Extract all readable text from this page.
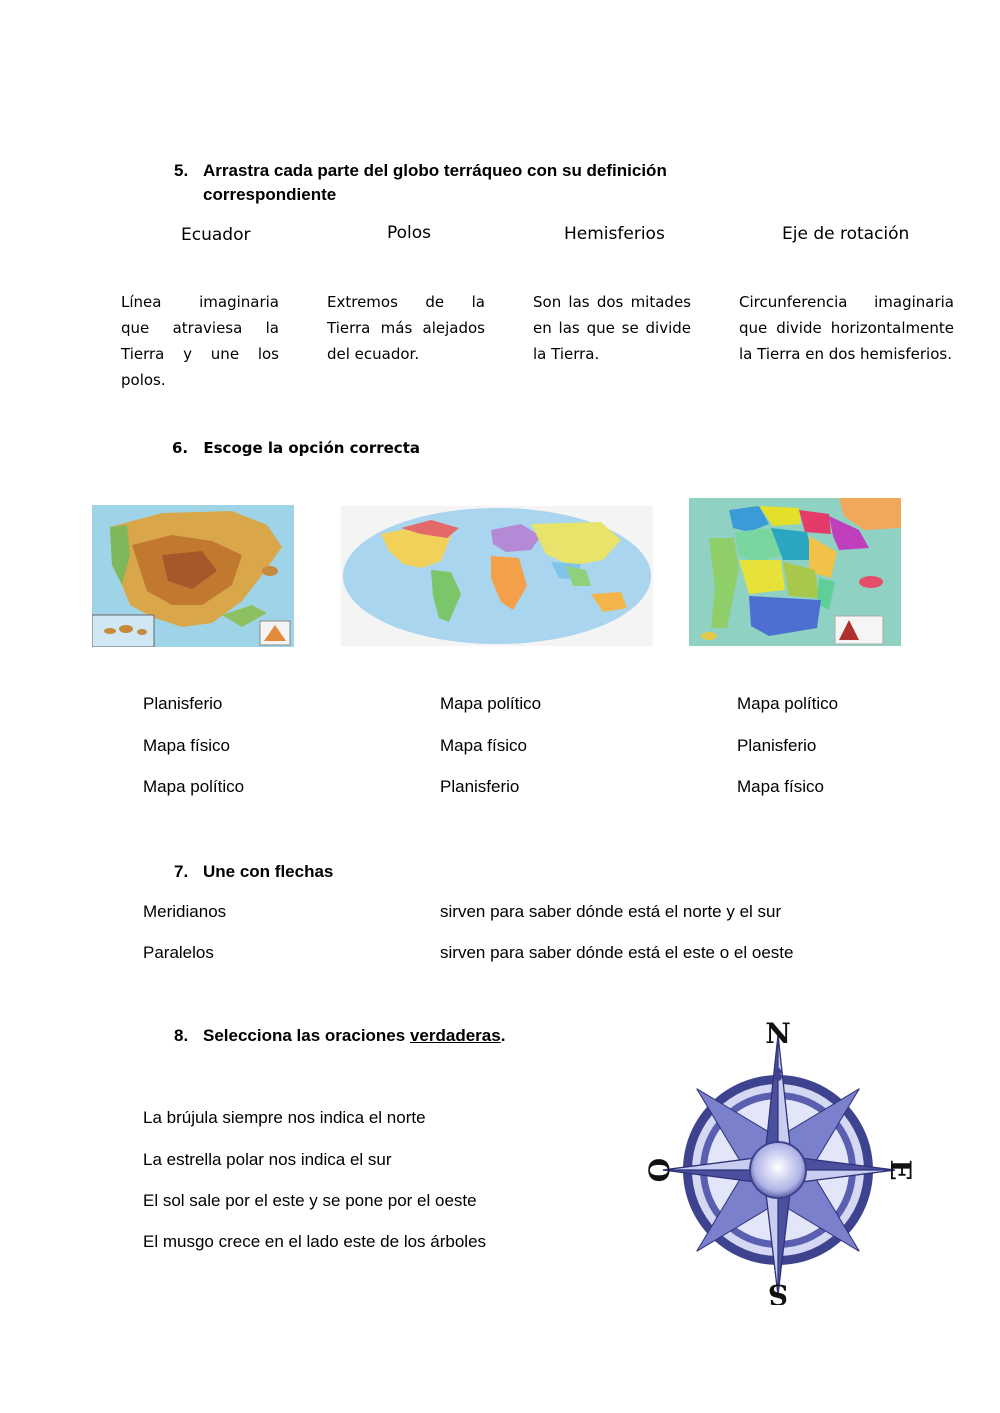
5. Arrastra cada parte del globo terráqueo con su definición
correspondiente
Ecuador	Polos	Hemisferios	Eje de rotación
Línea imaginaria que atraviesa la Tierra y une los polos.
Extremos de la Tierra más alejados del ecuador.
Son las dos mitades en las que se divide la Tierra.
Circunferencia imaginaria que divide horizontalmente la Tierra en dos hemisferios.
6. Escoge la opción correcta
Planisferio
Mapa físico
Mapa político
Mapa político
Mapa físico
Planisferio
Mapa político
Planisferio
Mapa físico
7. Une con flechas
Meridianos
Paralelos
sirven para saber dónde está el norte y el sur
sirven para saber dónde está el este o el oeste
8. Selecciona las oraciones verdaderas.
La brújula siempre nos indica el norte
La estrella polar nos indica el sur
El sol sale por el este y se pone por el oeste
El musgo crece en el lado este de los árboles
N
S
E
O
